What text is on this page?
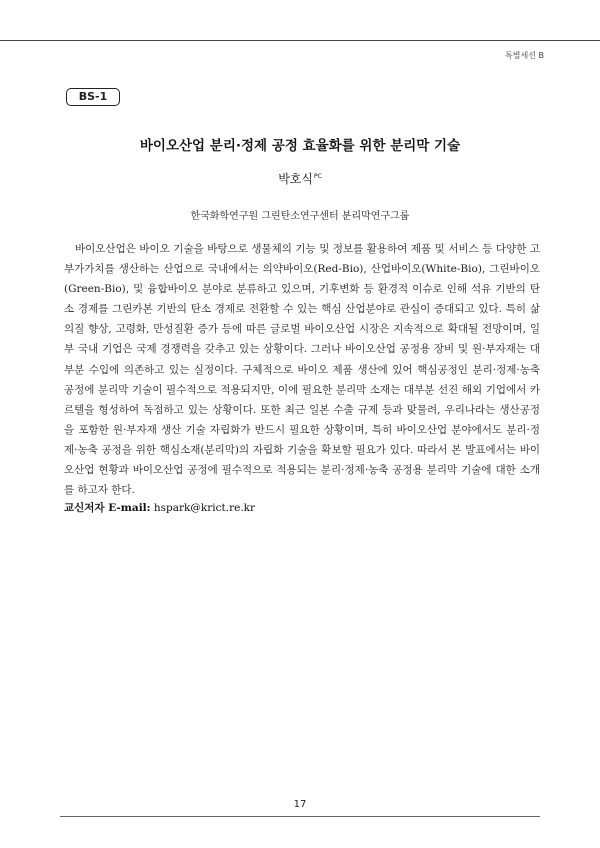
특별세션 B
BS-1
바이오산업 분리·정제 공정 효율화를 위한 분리막 기술
박호식$^{PC}$
한국화학연구원 그린탄소연구센터 분리막연구그룹

바이오산업은 바이오 기술을 바탕으로 생물체의 기능 및 정보를 활용하여 제품 및 서비스 등 다양한 고부가가치를 생산하는 산업으로 국내에서는 의약바이오(Red-Bio), 산업바이오(White-Bio), 그린바이오(Green-Bio), 및 융합바이오 분야로 분류하고 있으며, 기후변화 등 환경적 이슈로 인해 석유 기반의 탄소 경제를 그린카본 기반의 탄소 경제로 전환할 수 있는 핵심 산업분야로 관심이 증대되고 있다. 특히 삶의질 향상, 고령화, 만성질환 증가 등에 따른 글로벌 바이오산업 시장은 지속적으로 확대될 전망이며, 일부 국내 기업은 국제 경쟁력을 갖추고 있는 상황이다. 그러나 바이오산업 공정용 장비 및 원·부자재는 대부분 수입에 의존하고 있는 실정이다. 구체적으로 바이오 제품 생산에 있어 핵심공정인 분리·정제·농축 공정에 분리막 기술이 필수적으로 적용되지만, 이에 필요한 분리막 소재는 대부분 선진 해외 기업에서 카르텔을 형성하여 독점하고 있는 상황이다. 또한 최근 일본 수출 규제 등과 맞물려, 우리나라는 생산공정을 포함한 원·부자재 생산 기술 자립화가 반드시 필요한 상황이며, 특히 바이오산업 분야에서도 분리·정제·농축 공정을 위한 핵심소재(분리막)의 자립화 기술을 확보할 필요가 있다. 따라서 본 발표에서는 바이오산업 현황과 바이오산업 공정에 필수적으로 적용되는 분리·정제·농축 공정용 분리막 기술에 대한 소개를 하고자 한다.

교신저자 E-mail: hspark@krict.re.kr
17
